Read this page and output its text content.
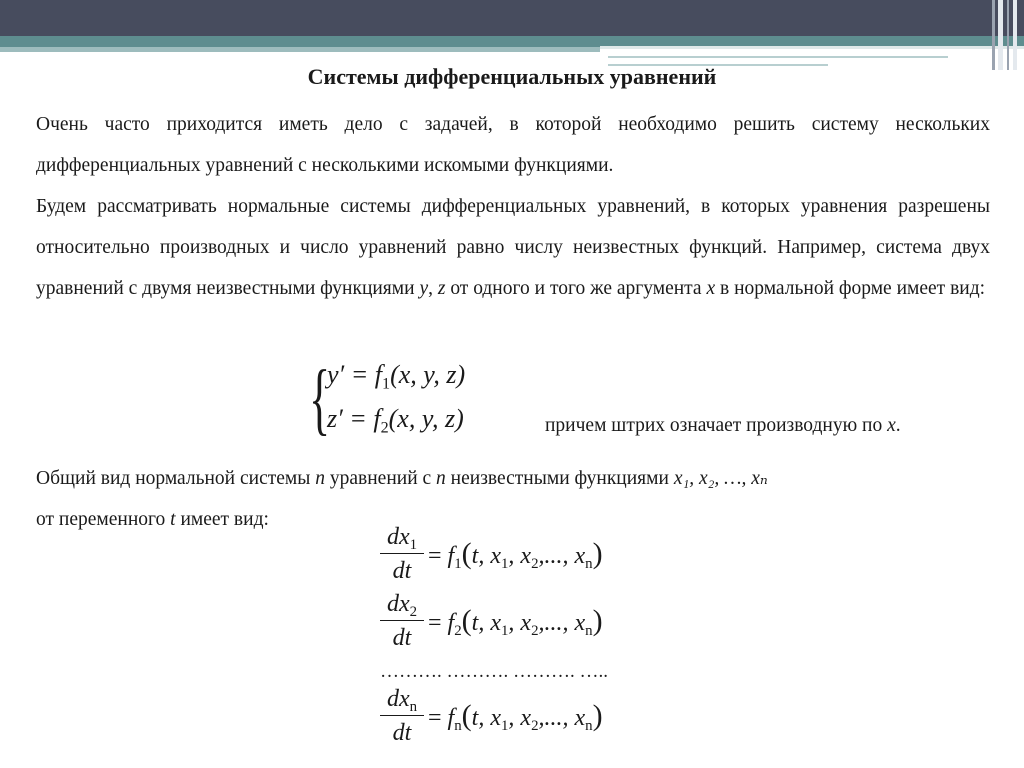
Системы дифференциальных уравнений

Очень часто приходится иметь дело с задачей, в которой необходимо решить систему нескольких дифференциальных уравнений с несколькими искомыми функциями.

Будем рассматривать нормальные системы дифференциальных уравнений, в которых уравнения разрешены относительно производных и число уравнений равно числу неизвестных функций. Например, система двух уравнений с двумя неизвестными функциями y, z от одного и того же аргумента x в нормальной форме имеет вид:

{
$y' = f_1(x$, y, z)
$z' = f_2(x$, y, z)	причем штрих означает производную по x.

Общий вид нормальной системы n уравнений с n неизвестными функциями x₁, x₂, …, xₙ
от переменного t имеет вид:

$\frac{dx_1}{dt} = f_1(t$, $x_1$, $x_2$,..., $x_n$)
$\frac{dx_2}{dt} = f_2(t$, $x_1$, $x_2$,..., $x_n$)
………. ………. ………. …..
$dx_n$
dt
= $f_n(t$, $x_1$, $x_2$,..., $x_n$)
